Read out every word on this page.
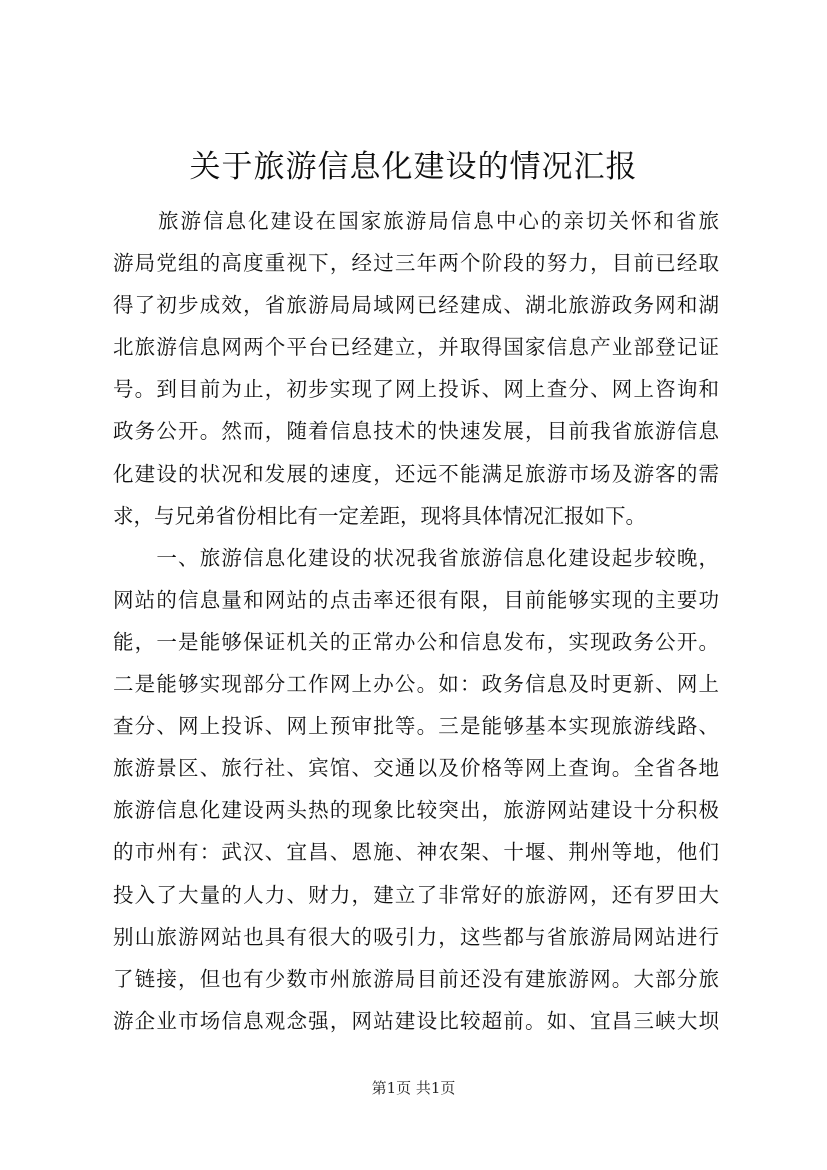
关于旅游信息化建设的情况汇报
　　旅游信息化建设在国家旅游局信息中心的亲切关怀和省旅
游局党组的高度重视下，经过三年两个阶段的努力，目前已经取
得了初步成效，省旅游局局域网已经建成、湖北旅游政务网和湖
北旅游信息网两个平台已经建立，并取得国家信息产业部登记证
号。到目前为止，初步实现了网上投诉、网上查分、网上咨询和
政务公开。然而，随着信息技术的快速发展，目前我省旅游信息
化建设的状况和发展的速度，还远不能满足旅游市场及游客的需
求，与兄弟省份相比有一定差距，现将具体情况汇报如下。
　　一、旅游信息化建设的状况我省旅游信息化建设起步较晚，
网站的信息量和网站的点击率还很有限，目前能够实现的主要功
能，一是能够保证机关的正常办公和信息发布，实现政务公开。
二是能够实现部分工作网上办公。如：政务信息及时更新、网上
查分、网上投诉、网上预审批等。三是能够基本实现旅游线路、
旅游景区、旅行社、宾馆、交通以及价格等网上查询。全省各地
旅游信息化建设两头热的现象比较突出，旅游网站建设十分积极
的市州有：武汉、宜昌、恩施、神农架、十堰、荆州等地，他们
投入了大量的人力、财力，建立了非常好的旅游网，还有罗田大
别山旅游网站也具有很大的吸引力，这些都与省旅游局网站进行
了链接，但也有少数市州旅游局目前还没有建旅游网。大部分旅
游企业市场信息观念强，网站建设比较超前。如、宜昌三峡大坝
第1页 共1页
